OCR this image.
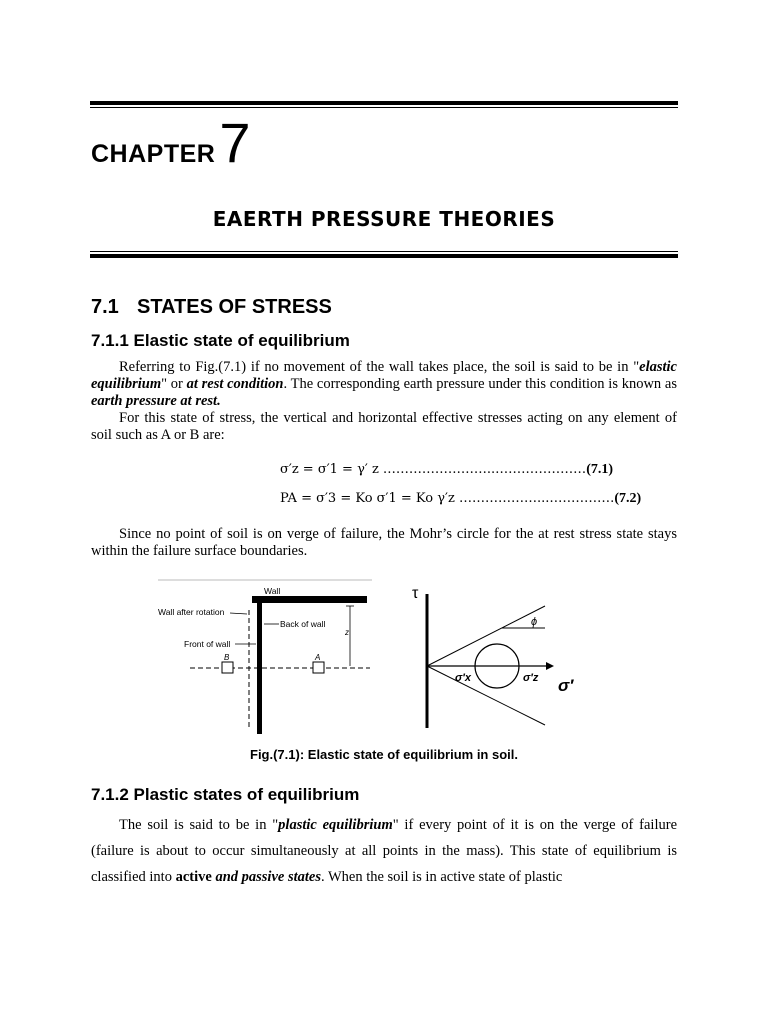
CHAPTER7
EAERTH PRESSURE THEORIES
7.1 STATES OF STRESS
7.1.1 Elastic state of equilibrium

Referring to Fig.(7.1) if no movement of the wall takes place, the soil is said to be in "elastic equilibrium" or at rest condition. The corresponding earth pressure under this condition is known as earth pressure at rest.

For this state of stress, the vertical and horizontal effective stresses acting on any element of soil such as A or B are:

σ′z = σ′1 = γ′ z ……………………..…………………(7.1)
PA = σ′3 = Ko σ′1 = Ko γ′z ………………...……………(7.2)

Since no point of soil is on verge of failure, the Mohr’s circle for the at rest stress state stays within the failure surface boundaries.

Wall
Wall after rotation
Back of wall
Front of wall
B	A
z
τ
ϕ
σ′x	σ′z σ′
Fig.(7.1): Elastic state of equilibrium in soil.
7.1.2 Plastic states of equilibrium

The soil is said to be in "plastic equilibrium" if every point of it is on the verge of failure (failure is about to occur simultaneously at all points in the mass). This state of equilibrium is classified into active and passive states. When the soil is in active state of plastic
